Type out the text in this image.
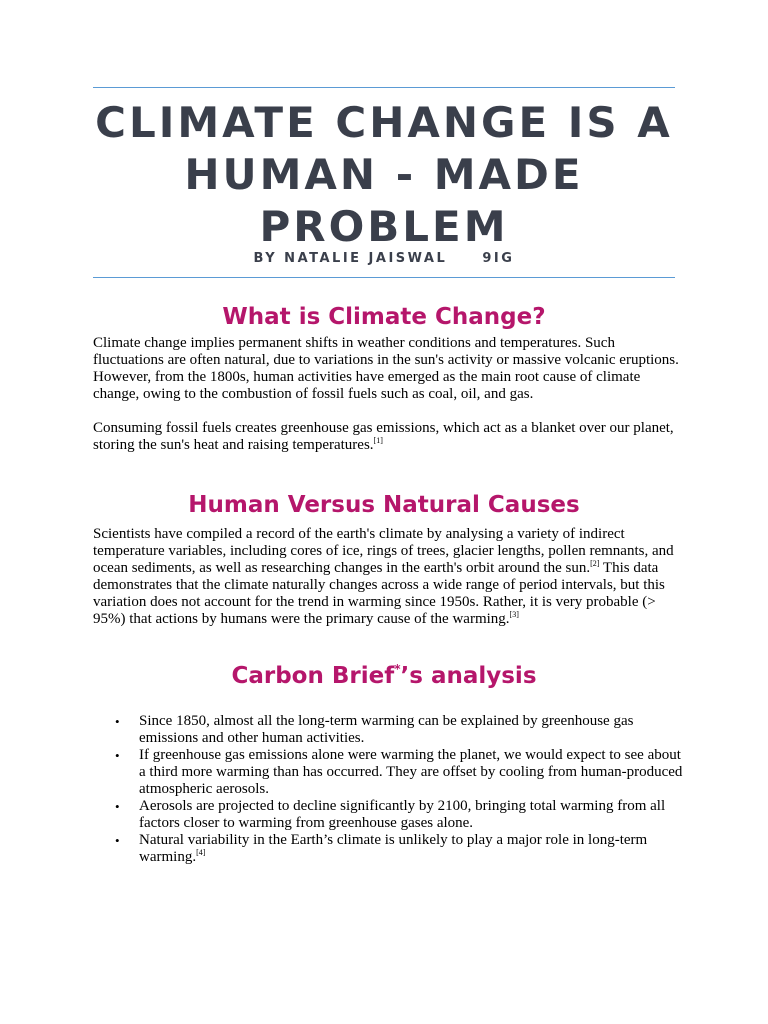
CLIMATE CHANGE IS A HUMAN - MADE PROBLEM

BY NATALIE JAISWAL     9IG

What is Climate Change?

Climate change implies permanent shifts in weather conditions and temperatures. Such fluctuations are often natural, due to variations in the sun's activity or massive volcanic eruptions. However, from the 1800s, human activities have emerged as the main root cause of climate change, owing to the combustion of fossil fuels such as coal, oil, and gas.

Consuming fossil fuels creates greenhouse gas emissions, which act as a blanket over our planet, storing the sun's heat and raising temperatures.[1]

Human Versus Natural Causes

Scientists have compiled a record of the earth's climate by analysing a variety of indirect temperature variables, including cores of ice, rings of trees, glacier lengths, pollen remnants, and ocean sediments, as well as researching changes in the earth's orbit around the sun.[2] This data demonstrates that the climate naturally changes across a wide range of period intervals, but this variation does not account for the trend in warming since 1950s. Rather, it is very probable (> 95%) that actions by humans were the primary cause of the warming.[3]

Carbon Brief*’s analysis
• Since 1850, almost all the long-term warming can be explained by greenhouse gas emissions and other human activities.
• If greenhouse gas emissions alone were warming the planet, we would expect to see about a third more warming than has occurred. They are offset by cooling from human-produced atmospheric aerosols.
• Aerosols are projected to decline significantly by 2100, bringing total warming from all factors closer to warming from greenhouse gases alone.
• Natural variability in the Earth’s climate is unlikely to play a major role in long-term warming.[4]
